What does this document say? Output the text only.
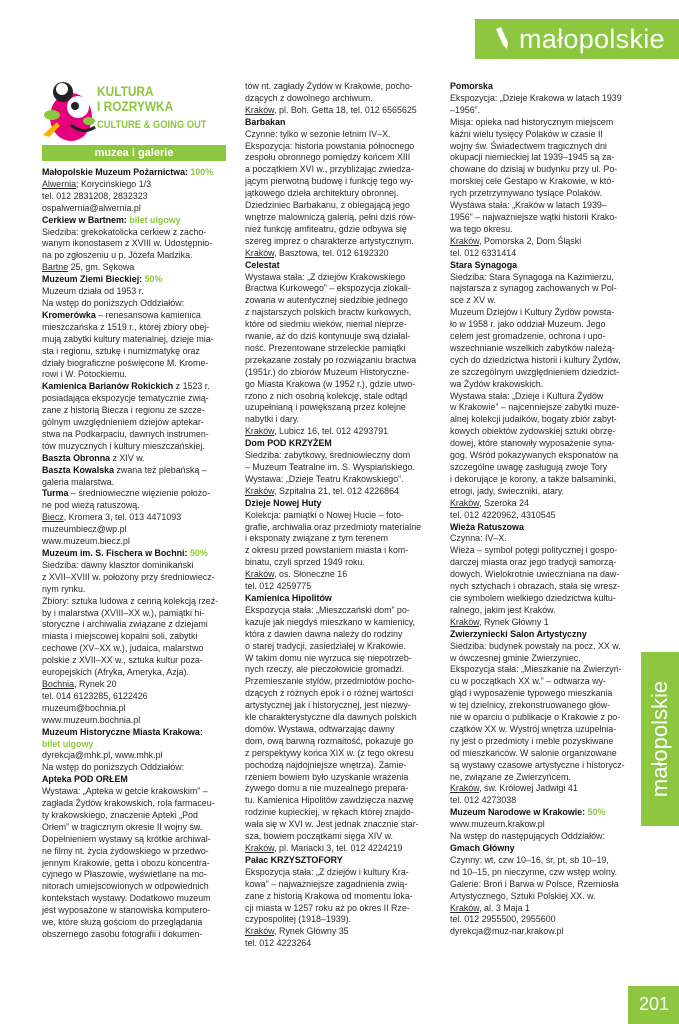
małopolskie
KULTURA
I ROZRYWKA
CULTURE & GOING OUT
muzea i galerie
Małopolskie Muzeum Pożarnictwa: 100%
Alwernia; Korycińskiego 1/3
tel. 012 2831208, 2832323
ospalwernia@alwernia.pl
Cerkiew w Bartnem: bilet ulgowy
Siedziba: grekokatolicka cerkiew z zacho-
wanym ikonostasem z XVIII w. Udostępnio-
na po zgłoszeniu u p. Józefa Madzika.
Bartne 25, gm. Sękowa
Muzeum Ziemi Bieckiej: 50%
Muzeum działa od 1953 r.
Na wstęp do poniższych Oddziałów:
Kromerówka – renesansowa kamienica
mieszczańska z 1519 r., której zbiory obej-
mują zabytki kultury materialnej, dzieje mia-
sta i regionu, sztukę i numizmatykę oraz
działy biograficzne poświęcone M. Krome-
rowi i W. Potockiemu.
Kamienica Barianów Rokickich z 1523 r.
posiadająca ekspozycje tematycznie zwią-
zane z historią Biecza i regionu ze szcze-
gólnym uwzględnieniem dziejów aptekar-
stwa na Podkarpaciu, dawnych instrumen-
tów muzycznych i kultury mieszczańskiej.
Baszta Obronna z XIV w.
Baszta Kowalska zwana też plebańską –
galeria malarstwa.
Turma – średniowieczne więzienie położo-
ne pod wieżą ratuszową.
Biecz, Kromera 3, tel. 013 4471093
muzeumbiecz@wp.pl
www.muzeum.biecz.pl
Muzeum im. S. Fischera w Bochni: 50%
Siedziba: dawny klasztor dominikański
z XVII–XVIII w. położony przy średniowiecz-
nym rynku.
Zbiory: sztuka ludowa z cenną kolekcją rzeź-
by i malarstwa (XVIII–XX w.), pamiątki hi-
storyczne i archiwalia związane z dziejami
miasta i miejscowej kopalni soli, zabytki
cechowe (XV–XX w.), judaica, malarstwo
polskie z XVII–XX w., sztuka kultur poza-
europejskich (Afryka, Ameryka, Azja).
Bochnia, Rynek 20
tel. 014 6123285, 6122426
muzeum@bochnia.pl
www.muzeum.bochnia.pl
Muzeum Historyczne Miasta Krakowa:
bilet ulgowy
dyrekcja@mhk.pl, www.mhk.pl
Na wstęp do poniższych Oddziałów:
Apteka POD ORŁEM
Wystawa: „Apteka w getcie krakowskim” –
zagłada Żydów krakowskich, rola farmaceu-
ty krakowskiego, znaczenie Apteki „Pod
Orłem” w tragicznym okresie II wojny św.
Dopełnieniem wystawy są krótkie archiwal-
ne filmy nt. życia żydowskiego w przedwo-
jennym Krakowie, getta i obozu koncentra-
cyjnego w Płaszowie, wyświetlane na mo-
nitorach umiejscowionych w odpowiednich
kontekstach wystawy. Dodatkowo muzeum
jest wyposażone w stanowiska komputero-
we, które służą gościom do przeglądania
obszernego zasobu fotografii i dokumen-
tów nt. zagłady Żydów w Krakowie, pocho-
dzących z dowolnego archiwum.
Kraków, pl. Boh. Getta 18, tel. 012 6565625
Barbakan
Czynne: tylko w sezonie letnim IV–X.
Ekspozycja: historia powstania północnego
zespołu obronnego pomiędzy końcem XIII
a początkiem XVI w., przybliżając zwiedza-
jącym pierwotną budowę i funkcję tego wy-
jątkowego dzieła architektury obronnej.
Dziedziniec Barbakanu, z obiegającą jego
wnętrze malowniczą galerią, pełni dziś rów-
nież funkcję amfiteatru, gdzie odbywa się
szereg imprez o charakterze artystycznym.
Kraków, Basztowa, tel. 012 6192320
Celestat
Wystawa stała: „Z dziejów Krakowskiego
Bractwa Kurkowego” – ekspozycja zlokali-
zowana w autentycznej siedzibie jednego
z najstarszych polskich bractw kurkowych,
które od siedmiu wieków, niemal nieprze-
rwanie, aż do dziś kontynuuje swą działal-
ność. Prezentowane strzeleckie pamiątki
przekazane zostały po rozwiązaniu bractwa
(1951r.) do zbiorów Muzeum Historyczne-
go Miasta Krakowa (w 1952 r.), gdzie utwo-
rzono z nich osobną kolekcję, stale odtąd
uzupełnianą i powiększaną przez kolejne
nabytki i dary.
Kraków, Lubicz 16, tel. 012 4293791
Dom POD KRZYŻEM
Siedziba: zabytkowy, średniowieczny dom
– Muzeum Teatralne im. S. Wyspiańskiego.
Wystawa: „Dzieje Teatru Krakowskiego”.
Kraków, Szpitalna 21, tel. 012 4226864
Dzieje Nowej Huty
Kolekcja: pamiątki o Nowej Hucie – foto-
grafie, archiwalia oraz przedmioty materialne
i eksponaty związane z tym terenem
z okresu przed powstaniem miasta i kom-
binatu, czyli sprzed 1949 roku.
Kraków, os. Słoneczne 16
tel. 012 4259775
Kamienica Hipolitów
Ekspozycja stała: „Mieszczański dom” po-
kazuje jak niegdyś mieszkano w kamienicy,
która z dawien dawna należy do rodziny
o starej tradycji, zasiedziałej w Krakowie.
W takim domu nie wyrzuca się niepotrzeb-
nych rzeczy, ale pieczołowicie gromadzi.
Przemieszanie stylów, przedmiotów pocho-
dzących z różnych epok i o różnej wartości
artystycznej jak i historycznej, jest niezwy-
kle charakterystyczne dla dawnych polskich
domów. Wystawa, odtwarzając dawny
dom, ową barwną rozmaitość, pokazuje go
z perspektywy końca XIX w. (z tego okresu
pochodzą najdojniejsze wnętrza). Zamie-
rzeniem bowiem było uzyskanie wrażenia
żywego domu a nie muzealnego prepara-
tu. Kamienica Hipolitów zawdzięcza nazwę
rodzinie kupieckiej, w rękach której znajdo-
wała się w XVI w. Jest jednak znacznie star-
sza, bowiem początkami sięga XIV w.
Kraków, pl. Mariacki 3, tel. 012 4224219
Pałac KRZYSZTOFORY
Ekspozycja stała: „Z dziejów i kultury Kra-
kowa” – najważniejsze zagadnienia zwią-
zane z historią Krakowa od momentu loka-
cji miasta w 1257 roku aż po okres II Rze-
czypospolitej (1918–1939).
Kraków, Rynek Główny 35
tel. 012 4223264
Pomorska
Ekspozycja: „Dzieje Krakowa w latach 1939
–1956”.
Misja: opieka nad historycznym miejscem
kaźni wielu tysięcy Polaków w czasie II
wojny św. Świadectwem tragicznych dni
okupacji niemieckiej lat 1939–1945 są za-
chowane do dzisiaj w budynku przy ul. Po-
morskiej cele Gestapo w Krakowie, w któ-
rych przetrzymywano tysiące Polaków.
Wystawa stała: „Kraków w latach 1939–
1956” – najważniejsze wątki historii Krako-
wa tego okresu.
Kraków, Pomorska 2, Dom Śląski
tel. 012 6331414
Stara Synagoga
Siedziba: Stara Synagoga na Kazimierzu,
najstarsza z synagog zachowanych w Pol-
sce z XV w.
Muzeum Dziejów i Kultury Żydów powsta-
ło w 1958 r. jako oddział Muzeum. Jego
celem jest gromadzenie, ochrona i upo-
wszechnianie wszelkich zabytków należą-
cych do dziedzictwa historii i kultury Żydów,
ze szczególnym uwzględnieniem dziedzict-
wa Żydów krakowskich.
Wystawa stała: „Dzieje i Kultura Żydów
w Krakowie” – najcenniejsze zabytki muze-
alnej kolekcji judaików, bogaty zbiór zabyt-
kowych obiektów żydowskiej sztuki obrzę-
dowej, które stanowiły wyposażenie syna-
gog. Wśród pokazywanych eksponatów na
szczególne uwagę zasługują zwoje Tory
i dekorujące je korony, a także balsaminki,
etrogi, jady, świeczniki, atary.
Kraków, Szeroka 24
tel. 012 4220962, 4310545
Wieża Ratuszowa
Czynna: IV–X.
Wieża – symbol potęgi politycznej i gospo-
darczej miasta oraz jego tradycji samorzą-
dowych. Wielokrotnie uwieczniana na daw-
nych sztychach i obrazach, stała się wresz-
cie symbolem wielkiego dziedzictwa kultu-
ralnego, jakim jest Kraków.
Kraków, Rynek Główny 1
Zwierzyniecki Salon Artystyczny
Siedziba: budynek powstały na pocz. XX w.
w ówczesnej gminie Zwierzyniec.
Ekspozycja stała: „Mieszkanie na Zwierzyń-
cu w początkach XX w.” – odtwarza wy-
gląd i wyposażenie typowego mieszkania
w tej dzielnicy, zrekonstruowanego głów-
nie w oparciu o publikacje o Krakowie z po-
czątków XX w. Wystrój wnętrza uzupełnia-
ny jest o przedmioty i meble pozyskiwane
od mieszkańców. W salonie organizowane
są wystawy czasowe artystyczne i historycz-
ne, związane ze Zwierzyńcem.
Kraków, św. Królowej Jadwigi 41
tel. 012 4273038
Muzeum Narodowe w Krakowie: 50%
www.muzeum.krakow.pl
Na wstęp do następujących Oddziałów:
Gmach Główny
Czynny: wt, czw 10–16, śr, pt, sb 10–19,
nd 10–15, pn nieczynne, czw wstęp wolny.
Galerie: Broń i Barwa w Polsce, Rzemiosła
Artystycznego, Sztuki Polskiej XX. w.
Kraków, al. 3 Maja 1
tel. 012 2955500, 2955600
dyrekcja@muz-nar.krakow.pl
małopolskie
201
